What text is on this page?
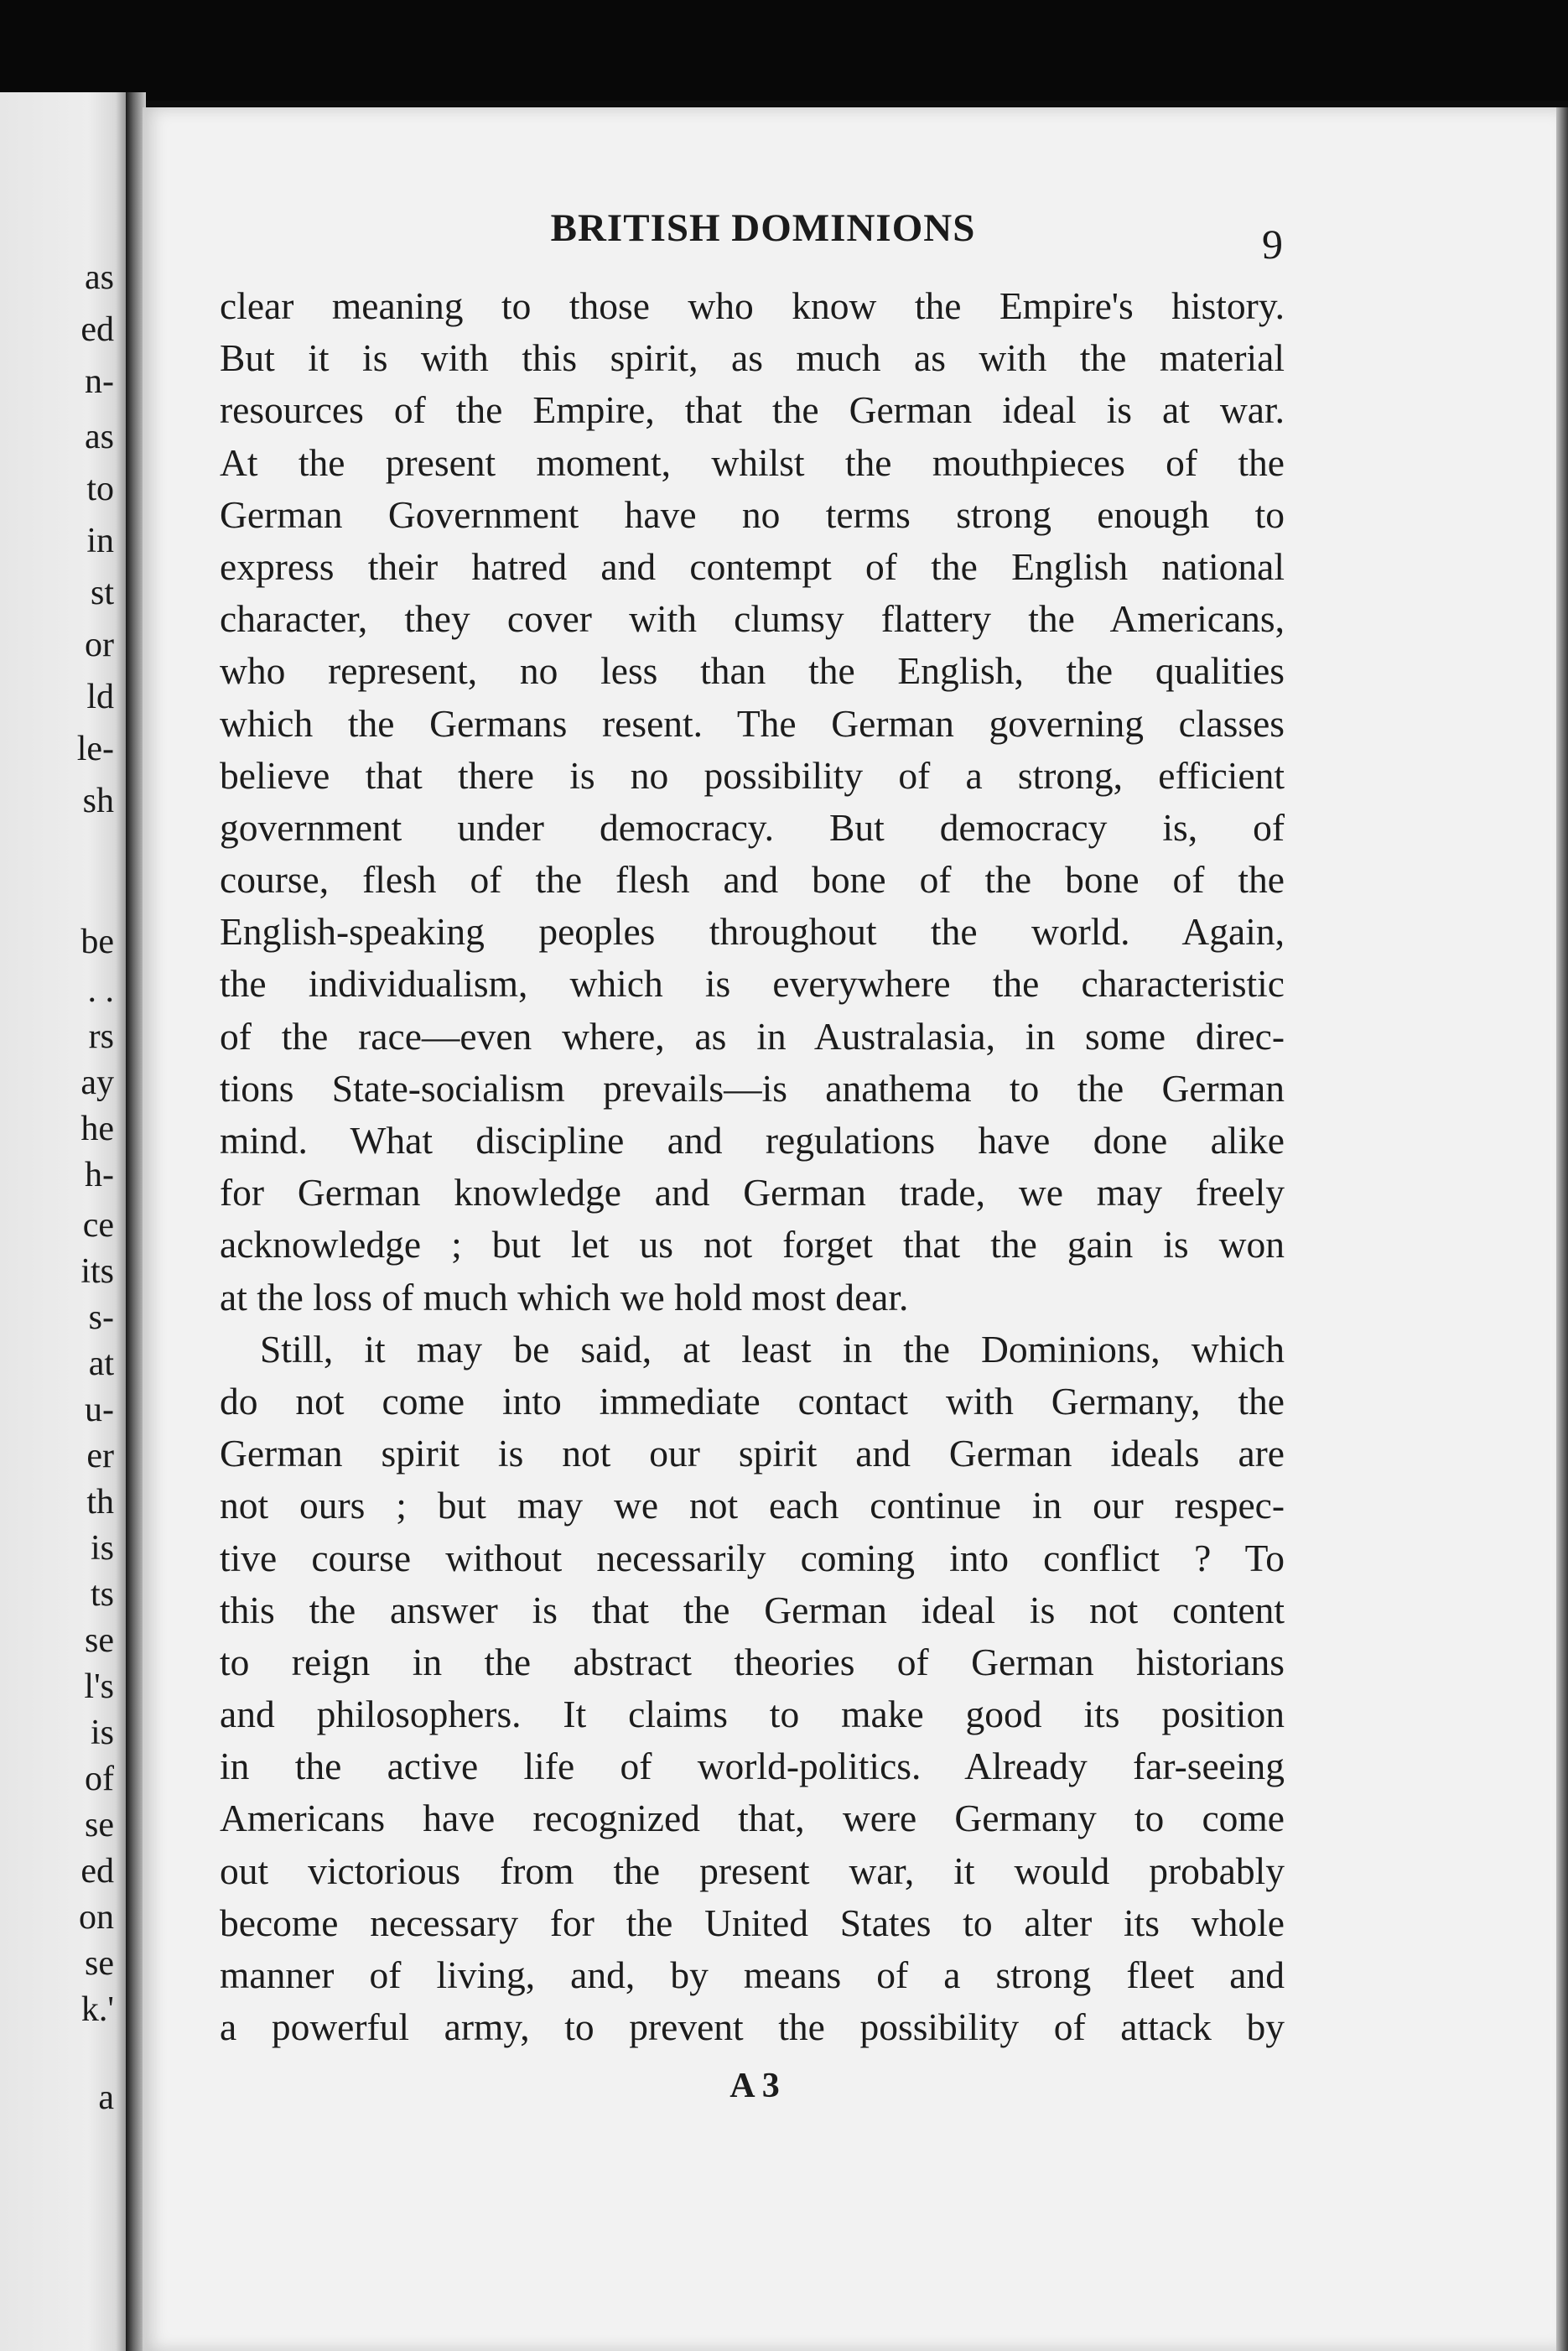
as
ed
n-
as
to
in
st
or
ld
le-
sh
be
. .
rs
ay
he
h-
ce
its
s-
at
u-
er
th
is
ts
se
l's
is
of
se
ed
on
se
k.'
a
BRITISH DOMINIONS	9
clear meaning to those who know the Empire's history.
But it is with this spirit, as much as with the material
resources of the Empire, that the German ideal is at war.
At the present moment, whilst the mouthpieces of the
German Government have no terms strong enough to
express their hatred and contempt of the English national
character, they cover with clumsy flattery the Americans,
who represent, no less than the English, the qualities
which the Germans resent. The German governing classes
believe that there is no possibility of a strong, efficient
government under democracy. But democracy is, of
course, flesh of the flesh and bone of the bone of the
English-speaking peoples throughout the world. Again,
the individualism, which is everywhere the characteristic
of the race—even where, as in Australasia, in some direc-
tions State-socialism prevails—is anathema to the German
mind. What discipline and regulations have done alike
for German knowledge and German trade, we may freely
acknowledge ; but let us not forget that the gain is won
at the loss of much which we hold most dear.
Still, it may be said, at least in the Dominions, which
do not come into immediate contact with Germany, the
German spirit is not our spirit and German ideals are
not ours ; but may we not each continue in our respec-
tive course without necessarily coming into conflict ? To
this the answer is that the German ideal is not content
to reign in the abstract theories of German historians
and philosophers. It claims to make good its position
in the active life of world-politics. Already far-seeing
Americans have recognized that, were Germany to come
out victorious from the present war, it would probably
become necessary for the United States to alter its whole
manner of living, and, by means of a strong fleet and
a powerful army, to prevent the possibility of attack by
A 3
